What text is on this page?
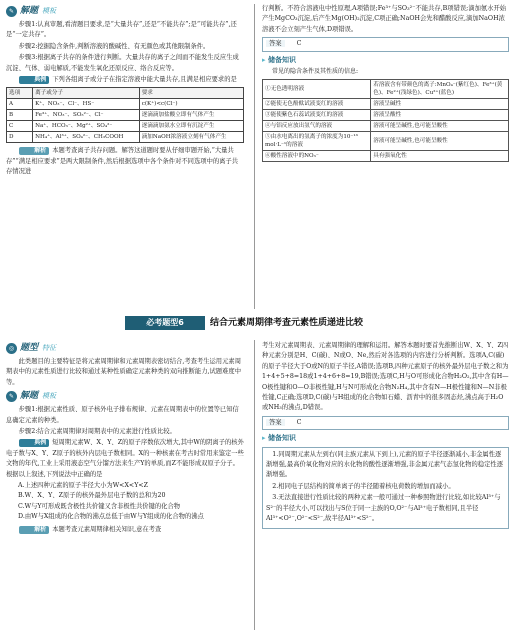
✎ 解题 模板

步骤1:认真审题,看清题目要求,是“大量共存”,还是“不能共存”;是“可能共存”,还是“一定共存”。

步骤2:挖掘隐含条件,判断溶液的酸碱性、有无颜色或其他限制条件。

步骤3:根据离子共存的条件进行判断。大量共存的离子之间而不能发生反应生成沉淀、气体、弱电解质,不能发生氧化还原反应、络合反应等。

典例 下列各组离子或分子在指定溶液中能大量共存,且满足相应要求的是

选项	离子或分子	要求
A	K⁺、NO₃⁻、Cl⁻、HS⁻	c(K⁺)<c(Cl⁻)
B	Fe³⁺、NO₃⁻、SO₃²⁻、Cl⁻	逐滴滴加盐酸立即有气体产生
C	Na⁺、HCO₃⁻、Mg²⁺、SO₄²⁻	逐滴滴加氨水立即有沉淀产生
D	NH₄⁺、Al³⁺、SO₄²⁻、CH₃COOH	滴加NaOH浓溶液立刻有气体产生

解析 本题考查离子共存问题。解答这道题时要从仔细审题开始,“大量共存”“满足相应要求”是两大限制条件,然后根据选项中各个条件对不同选项中的离子共存情况进

行判断。不符合溶液电中性原理,A项错误;Fe³⁺与SO₃²⁻不能共存,B项错误;滴加氨水开始产生MgCO₃沉淀,后产生Mg(OH)₂沉淀,C项正确;NaOH会先和醋酸反应,滴加NaOH浓溶液不会立刻产生气体,D项错误。

答案 C
▸ 储备知识
常见的隐含条件及其性质的信息:
①无色透明溶液	若溶液含有带颜色的离子:MnO₄⁻(紫红色)、Fe³⁺(黄色)、Fe²⁺(浅绿色)、Cu²⁺(蓝色)
②能使无色酚酞试液变红的溶液	溶液呈碱性
③能使紫色石蕊试液变红的溶液	溶液呈酸性
④与铝反应放出氢气的溶液	溶液可能呈碱性,也可能呈酸性
⑤由水电离出的氢离子的浓度为10⁻¹³ mol·L⁻¹的溶液	溶液可能呈碱性,也可能呈酸性
⑥酸性溶液中的NO₃⁻	具有强氧化性
必考题型6	结合元素周期律考查元素性质递进比较
◎ 题型 特征

此类题目的主要特征是将元素周期律和元素周期表密切结合,考查考生运用元素周期表中的元素性质进行比较和通过某种性质确定元素种类的双向推断能力,试题难度中等。

✎ 解题 模板

步骤1:根据元素性质、原子核外电子排布规律、元素在周期表中的位置等已知信息确定元素的种类。

步骤2:结合元素周期律对周期表中的元素进行性质比较。

典例 短周期元素W、X、Y、Z的原子序数依次增大,其中W的阴离子的核外电子数与X、Y、Z原子的核外内层电子数相同。X的一种核素在考古时常用来鉴定一些文物的年代,工业上采用液态空气分馏方法来生产Y的单质,而Z不能形成双原子分子。根据以上叙述,下列说法中正确的是

A.上述四种元素的原子半径大小为W<X<Y<Z

B.W、X、Y、Z原子的核外最外层电子数的总和为20

C.W与Y可形成既含极性共价键又含非极性共价键的化合物

D.由W与X组成的化合物的沸点总低于由W与Y组成的化合物的沸点

解析 本题考查元素周期律相关知识,意在考查

考生对元素周期表、元素周期律的理解和运用。解答本题时要首先推断出W、X、Y、Z四种元素分别是H、C(碳)、N或O、Ne,然后对各选项的内容进行分析判断。选项A,C(碳)的原子半径大于O或N的原子半径,A错误;选项B,四种元素原子的核外最外层电子数之和为1+4+5+8=18或1+4+6+8=19,B错误;选项C,H与O可形成化合物H₂O₂,其中含有H—O极性键和O—O非极性键,H与N可形成化合物N₂H₄,其中含有N—H极性键和N—N非极性键,C正确;选项D,C(碳)与H组成的化合物如石蜡、沥青中的很多固态烃,沸点高于H₂O或NH₃的沸点,D错误。

答案 C
▸ 储备知识

1.同周期元素从左到右(同主族元素从下到上),元素的原子半径逐渐减小,非金属性逐渐增强,最高价氧化物对应的水化物的酸性逐渐增强,非金属元素气态氢化物的稳定性逐渐增强。

2.相同电子层结构的简单离子的半径随着核电荷数的增加而减小。

3.无法直接进行性质比较的两种元素一般可通过一种参照物进行比较,如比较Al³⁺与S²⁻的半径大小,可以找出与S位于同一主族的O,O²⁻与Al³⁺电子数相同,且半径Al³⁺<O²⁻,O²⁻<S²⁻,故半径Al³⁺<S²⁻。
